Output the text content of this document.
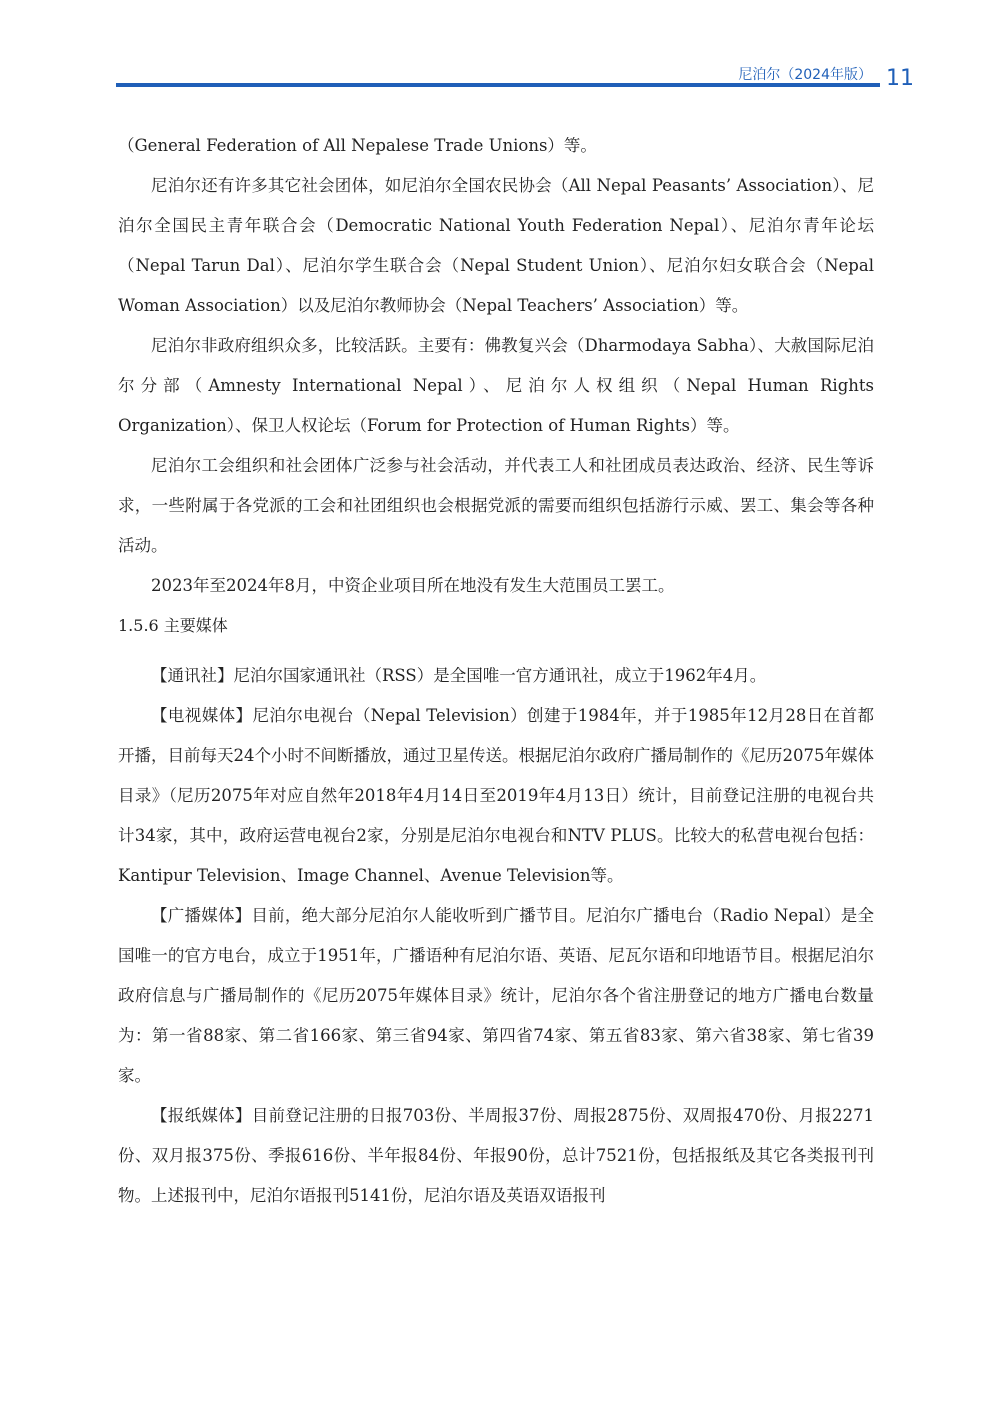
尼泊尔（2024年版） 11

（General Federation of All Nepalese Trade Unions）等。

尼泊尔还有许多其它社会团体，如尼泊尔全国农民协会（All Nepal Peasants’ Association）、尼泊尔全国民主青年联合会（Democratic National Youth Federation Nepal）、尼泊尔青年论坛（Nepal Tarun Dal）、尼泊尔学生联合会（Nepal Student Union）、尼泊尔妇女联合会（Nepal Woman Association）以及尼泊尔教师协会（Nepal Teachers’ Association）等。

尼泊尔非政府组织众多，比较活跃。主要有：佛教复兴会（Dharmodaya Sabha）、大赦国际尼泊尔分部（Amnesty International Nepal）、尼泊尔人权组织（Nepal Human Rights Organization）、保卫人权论坛（Forum for Protection of Human Rights）等。

尼泊尔工会组织和社会团体广泛参与社会活动，并代表工人和社团成员表达政治、经济、民生等诉求，一些附属于各党派的工会和社团组织也会根据党派的需要而组织包括游行示威、罢工、集会等各种活动。

2023年至2024年8月，中资企业项目所在地没有发生大范围员工罢工。

1.5.6 主要媒体

【通讯社】尼泊尔国家通讯社（RSS）是全国唯一官方通讯社，成立于1962年4月。

【电视媒体】尼泊尔电视台（Nepal Television）创建于1984年，并于1985年12月28日在首都开播，目前每天24个小时不间断播放，通过卫星传送。根据尼泊尔政府广播局制作的《尼历2075年媒体目录》（尼历2075年对应自然年2018年4月14日至2019年4月13日）统计，目前登记注册的电视台共计34家，其中，政府运营电视台2家，分别是尼泊尔电视台和NTV PLUS。比较大的私营电视台包括：Kantipur Television、Image Channel、Avenue Television等。

【广播媒体】目前，绝大部分尼泊尔人能收听到广播节目。尼泊尔广播电台（Radio Nepal）是全国唯一的官方电台，成立于1951年，广播语种有尼泊尔语、英语、尼瓦尔语和印地语节目。根据尼泊尔政府信息与广播局制作的《尼历2075年媒体目录》统计，尼泊尔各个省注册登记的地方广播电台数量为：第一省88家、第二省166家、第三省94家、第四省74家、第五省83家、第六省38家、第七省39家。

【报纸媒体】目前登记注册的日报703份、半周报37份、周报2875份、双周报470份、月报2271份、双月报375份、季报616份、半年报84份、年报90份，总计7521份，包括报纸及其它各类报刊刊物。上述报刊中，尼泊尔语报刊5141份，尼泊尔语及英语双语报刊
